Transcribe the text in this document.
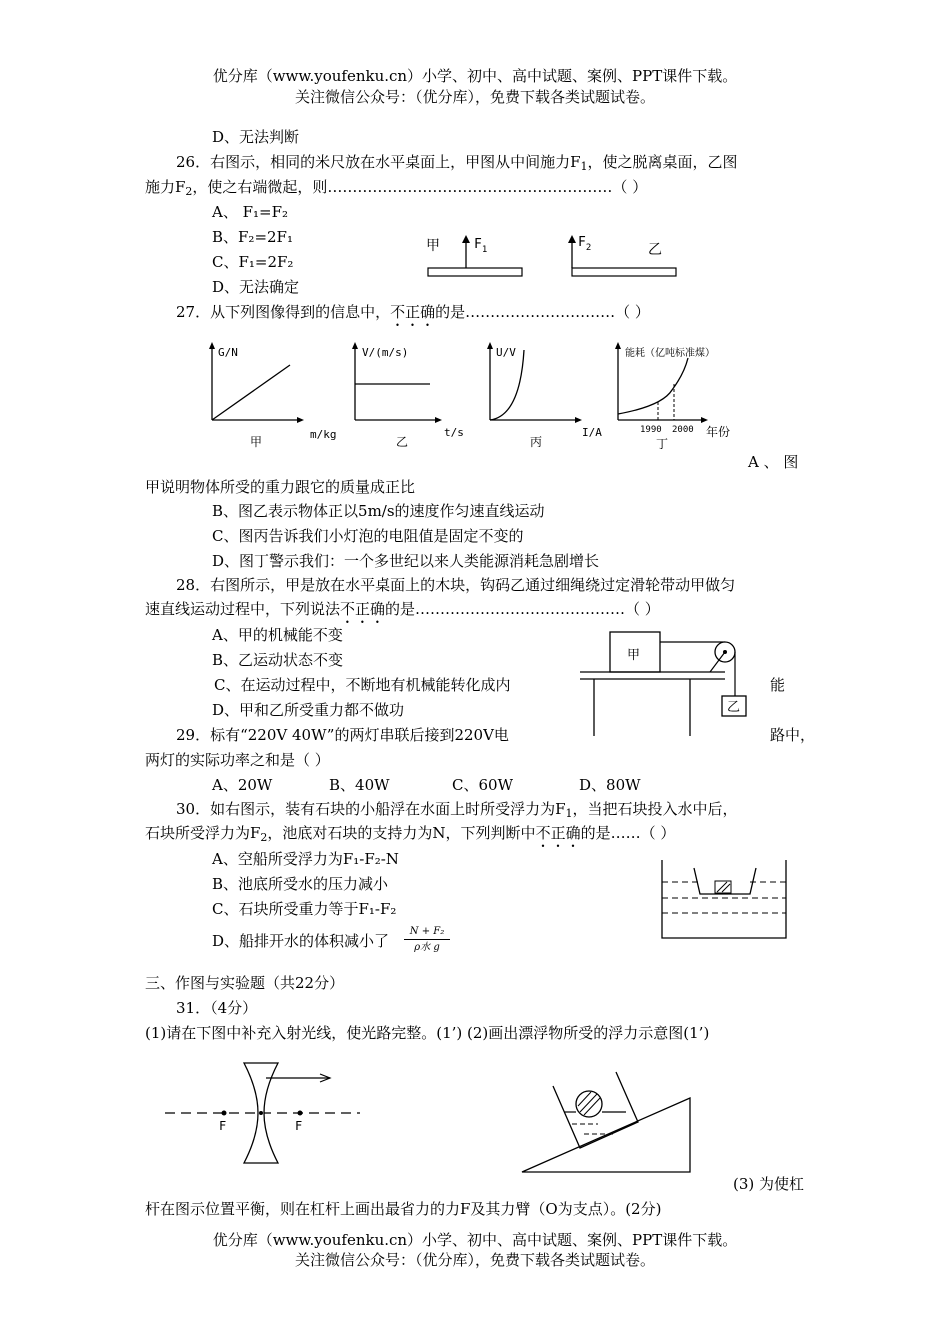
优分库（www.youfenku.cn）小学、初中、高中试题、案例、PPT课件下载。
关注微信公众号：（优分库），免费下载各类试题试卷。
D、无法判断
26．右图示，相同的米尺放在水平桌面上，甲图从中间施力$F_1$，使之脱离桌面，乙图
施力$F_2$，使之右端微起，则…………………………………………………（ ）
A、 F₁=F₂
B、F₂=2F₁
C、F₁=2F₂
D、无法确定
甲	$F_1$	$F_2$	乙
27．从下列图像得到的信息中，不正确的是…………………………（ ）
G/N
m/kg
甲
V/(m/s)
t/s
乙
U/V
I/A
丙
能耗（亿吨标准煤）
1990 2000 年份
丁
A 、 图
甲说明物体所受的重力跟它的质量成正比
B、图乙表示物体正以5m/s的速度作匀速直线运动
C、图丙告诉我们小灯泡的电阻值是固定不变的
D、图丁警示我们：一个多世纪以来人类能源消耗急剧增长
28．右图所示，甲是放在水平桌面上的木块，钩码乙通过细绳绕过定滑轮带动甲做匀
速直线运动过程中，下列说法不正确的是……………………………………（ ）
A、甲的机械能不变
B、乙运动状态不变
C、在运动过程中，不断地有机械能转化成内	能
D、甲和乙所受重力都不做功
甲
乙
29．标有“220V 40W”的两灯串联后接到220V电	路中，
两灯的实际功率之和是（ ）
A、20W	B、40W	C、60W	D、80W
30．如右图示，装有石块的小船浮在水面上时所受浮力为$F_1$，当把石块投入水中后，
石块所受浮力为$F_2$，池底对石块的支持力为N，下列判断中不正确的是……（ ）
A、空船所受浮力为F₁-F₂-N
B、池底所受水的压力减小
C、石块所受重力等于F₁-F₂
D、船排开水的体积减小了
N + F₂
ρ水 g
三、作图与实验题（共22分）
31．（4分）
(1)请在下图中补充入射光线，使光路完整。(1’) (2)画出漂浮物所受的浮力示意图(1’)
F	F
(3) 为使杠
杆在图示位置平衡，则在杠杆上画出最省力的力F及其力臂（O为支点）。(2分)
优分库（www.youfenku.cn）小学、初中、高中试题、案例、PPT课件下载。
关注微信公众号：（优分库），免费下载各类试题试卷。
